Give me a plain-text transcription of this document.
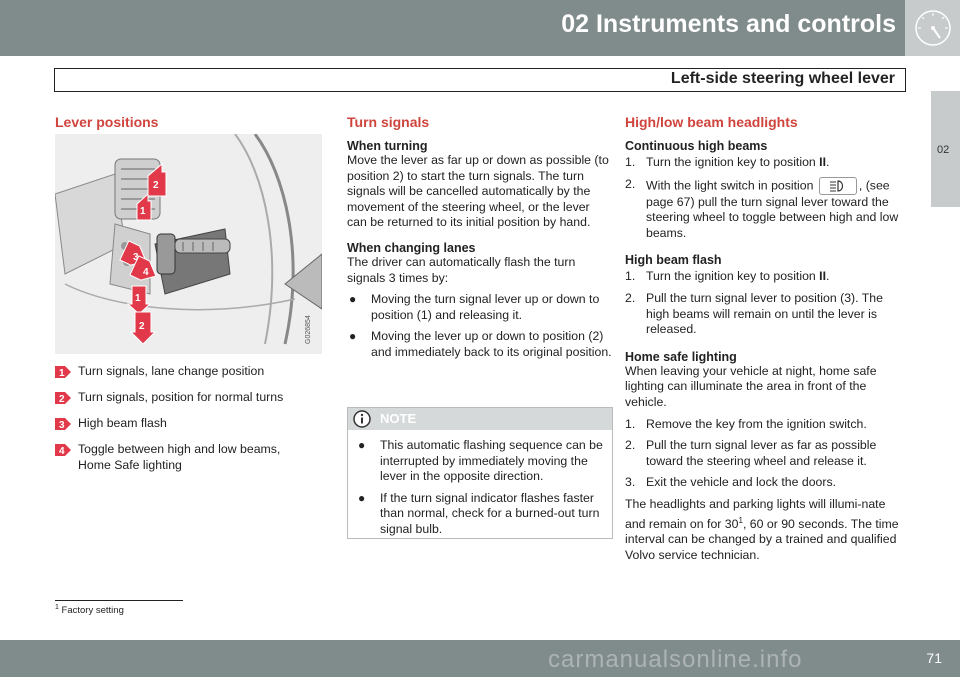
02 Instruments and controls
Left-side steering wheel lever
02
Lever positions
2
1
3
4
1
2	G026854
1 Turn signals, lane change position
2 Turn signals, position for normal turns
3 High beam flash
4 Toggle between high and low beams, Home Safe lighting
Turn signals
When turning

Move the lever as far up or down as possible (to position 2) to start the turn signals. The turn signals will be cancelled automatically by the movement of the steering wheel, or the lever can be returned to its initial position by hand.

When changing lanes

The driver can automatically flash the turn signals 3 times by:

●	Moving the turn signal lever up or down to position (1) and releasing it.
●	Moving the lever up or down to position (2) and immediately back to its original position.
NOTE
●	This automatic flashing sequence can be interrupted by immediately moving the lever in the opposite direction.
●	If the turn signal indicator flashes faster than normal, check for a burned-out turn signal bulb.
High/low beam headlights
Continuous high beams
1. Turn the ignition key to position II.
2. With the light switch in position	, (see page 67) pull the turn signal lever toward the steering wheel to toggle between high and low beams.
High beam flash
1. Turn the ignition key to position II.
2. Pull the turn signal lever to position (3). The high beams will remain on until the lever is released.
Home safe lighting

When leaving your vehicle at night, home safe lighting can illuminate the area in front of the vehicle.

1. Remove the key from the ignition switch.
2. Pull the turn signal lever as far as possible toward the steering wheel and release it.
3. Exit the vehicle and lock the doors.

The headlights and parking lights will illumi-nate and remain on for $30^1$, 60 or 90 seconds. The time interval can be changed by a trained and qualified Volvo service technician.

$^1$ Factory setting
carmanualsonline.info	71
